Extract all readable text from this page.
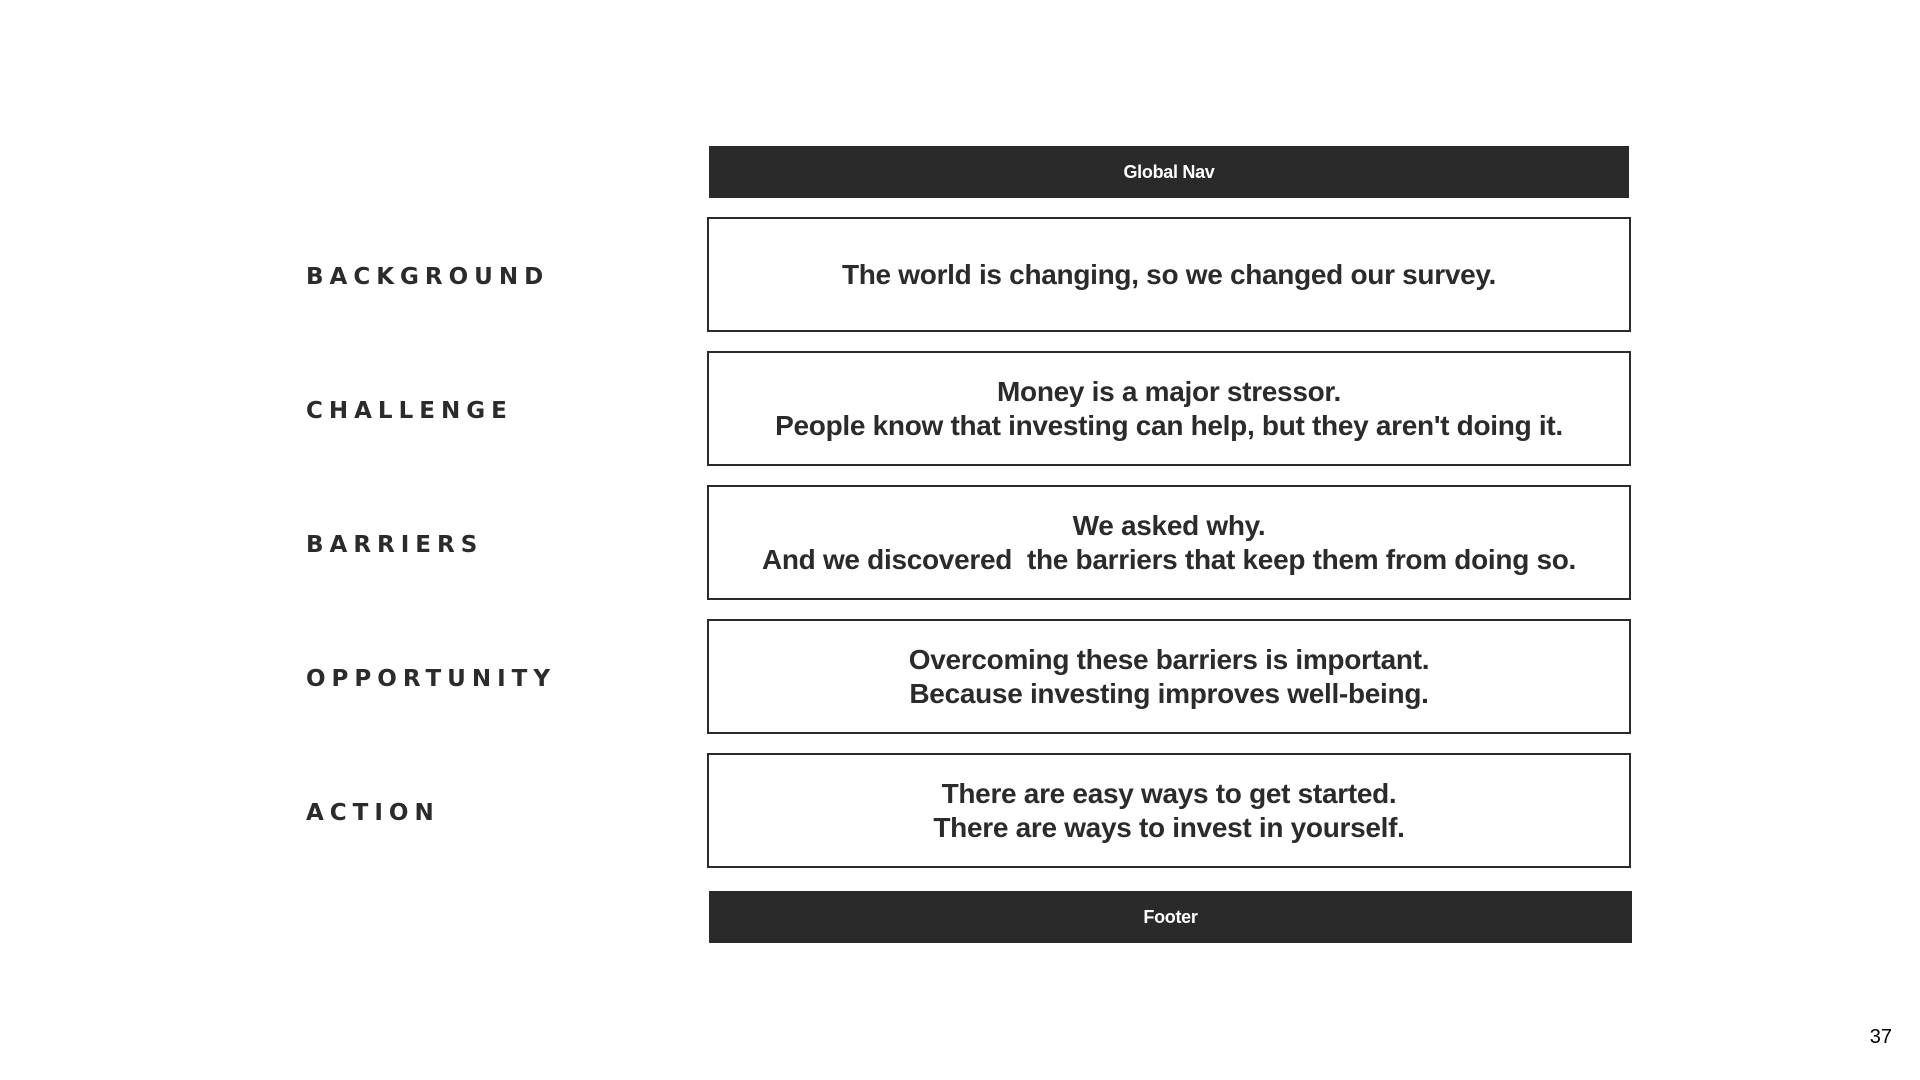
Global Nav
BACKGROUND	The world is changing, so we changed our survey.
CHALLENGE
Money is a major stressor.
People know that investing can help, but they aren't doing it.
BARRIERS
We asked why.
And we discovered  the barriers that keep them from doing so.
OPPORTUNITY
Overcoming these barriers is important.
Because investing improves well-being.
ACTION
There are easy ways to get started.
There are ways to invest in yourself.
Footer
37
